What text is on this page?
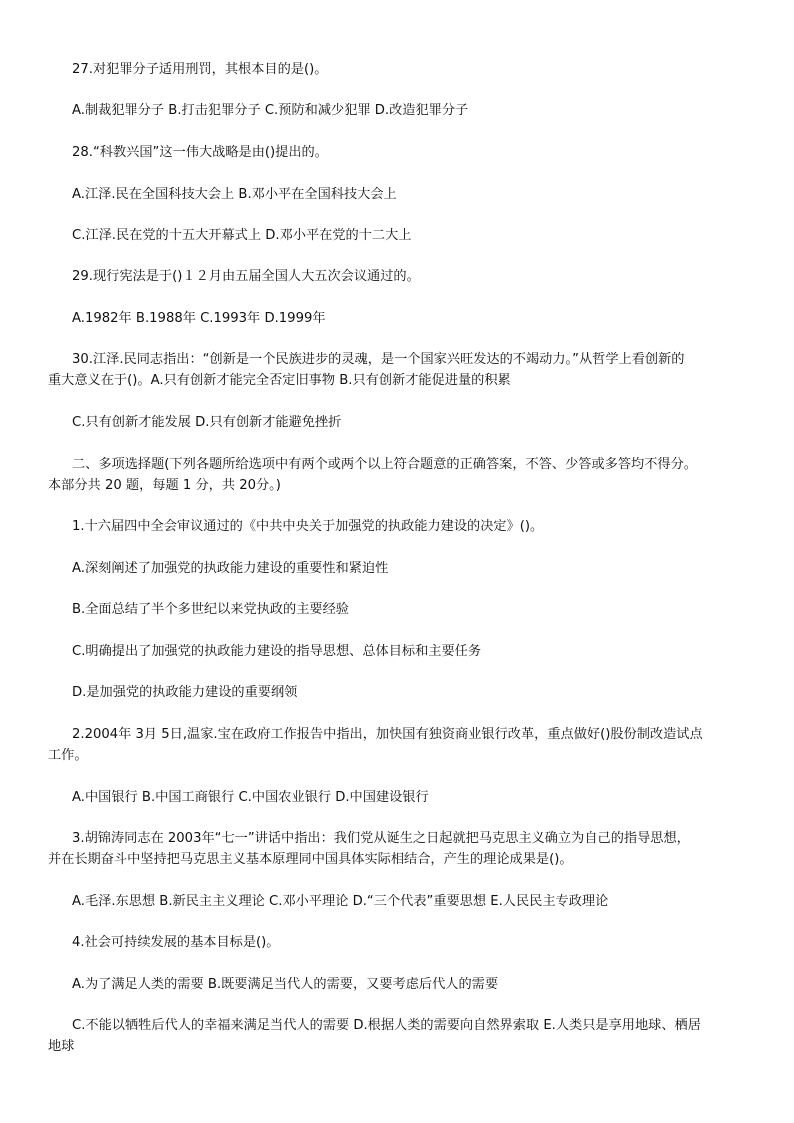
27.对犯罪分子适用刑罚，其根本目的是()。
A.制裁犯罪分子 B.打击犯罪分子 C.预防和减少犯罪 D.改造犯罪分子
28.“科教兴国”这一伟大战略是由()提出的。
A.江泽.民在全国科技大会上 B.邓小平在全国科技大会上
C.江泽.民在党的十五大开幕式上 D.邓小平在党的十二大上
29.现行宪法是于()１２月由五届全国人大五次会议通过的。
A.1982年 B.1988年 C.1993年 D.1999年
30.江泽.民同志指出：“创新是一个民族进步的灵魂，是一个国家兴旺发达的不竭动力。”从哲学上看创新的
重大意义在于()。A.只有创新才能完全否定旧事物 B.只有创新才能促进量的积累
C.只有创新才能发展 D.只有创新才能避免挫折
二、多项选择题(下列各题所给选项中有两个或两个以上符合题意的正确答案，不答、少答或多答均不得分。
本部分共 20 题，每题 1 分，共 20分。)
1.十六届四中全会审议通过的《中共中央关于加强党的执政能力建设的决定》()。
A.深刻阐述了加强党的执政能力建设的重要性和紧迫性
B.全面总结了半个多世纪以来党执政的主要经验
C.明确提出了加强党的执政能力建设的指导思想、总体目标和主要任务
D.是加强党的执政能力建设的重要纲领
2.2004年 3月 5日,温家.宝在政府工作报告中指出，加快国有独资商业银行改革，重点做好()股份制改造试点
工作。
A.中国银行 B.中国工商银行 C.中国农业银行 D.中国建设银行
3.胡锦涛同志在 2003年“七一”讲话中指出：我们党从诞生之日起就把马克思主义确立为自己的指导思想，
并在长期奋斗中坚持把马克思主义基本原理同中国具体实际相结合，产生的理论成果是()。
A.毛泽.东思想 B.新民主主义理论 C.邓小平理论 D.“三个代表”重要思想 E.人民民主专政理论
4.社会可持续发展的基本目标是()。
A.为了满足人类的需要 B.既要满足当代人的需要，又要考虑后代人的需要
C.不能以牺牲后代人的幸福来满足当代人的需要 D.根据人类的需要向自然界索取 E.人类只是享用地球、栖居
地球
